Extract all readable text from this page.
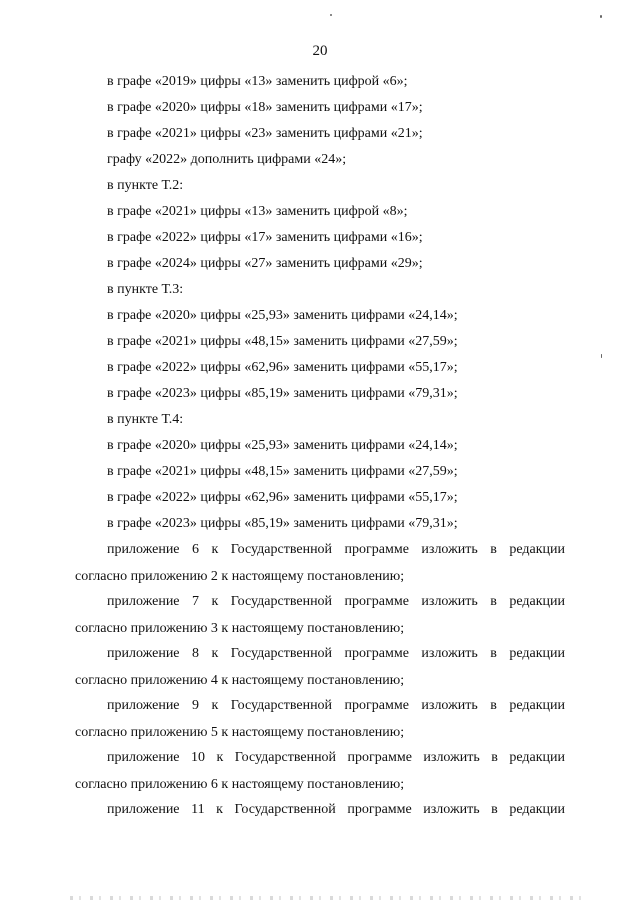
20
в графе «2019» цифры «13» заменить цифрой «6»;
в графе «2020» цифры «18» заменить цифрами «17»;
в графе «2021» цифры «23» заменить цифрами «21»;
графу «2022» дополнить цифрами «24»;
в пункте Т.2:
в графе «2021» цифры «13» заменить цифрой «8»;
в графе «2022» цифры «17» заменить цифрами «16»;
в графе «2024» цифры «27» заменить цифрами «29»;
в пункте Т.3:
в графе «2020» цифры «25,93» заменить цифрами «24,14»;
в графе «2021» цифры «48,15» заменить цифрами «27,59»;
в графе «2022» цифры «62,96» заменить цифрами «55,17»;
в графе «2023» цифры «85,19» заменить цифрами «79,31»;
в пункте Т.4:
в графе «2020» цифры «25,93» заменить цифрами «24,14»;
в графе «2021» цифры «48,15» заменить цифрами «27,59»;
в графе «2022» цифры «62,96» заменить цифрами «55,17»;
в графе «2023» цифры «85,19» заменить цифрами «79,31»;
приложение 6 к Государственной программе изложить в редакции
согласно приложению 2 к настоящему постановлению;
приложение 7 к Государственной программе изложить в редакции
согласно приложению 3 к настоящему постановлению;
приложение 8 к Государственной программе изложить в редакции
согласно приложению 4 к настоящему постановлению;
приложение 9 к Государственной программе изложить в редакции
согласно приложению 5 к настоящему постановлению;
приложение 10 к Государственной программе изложить в редакции
согласно приложению 6 к настоящему постановлению;
приложение 11 к Государственной программе изложить в редакции
